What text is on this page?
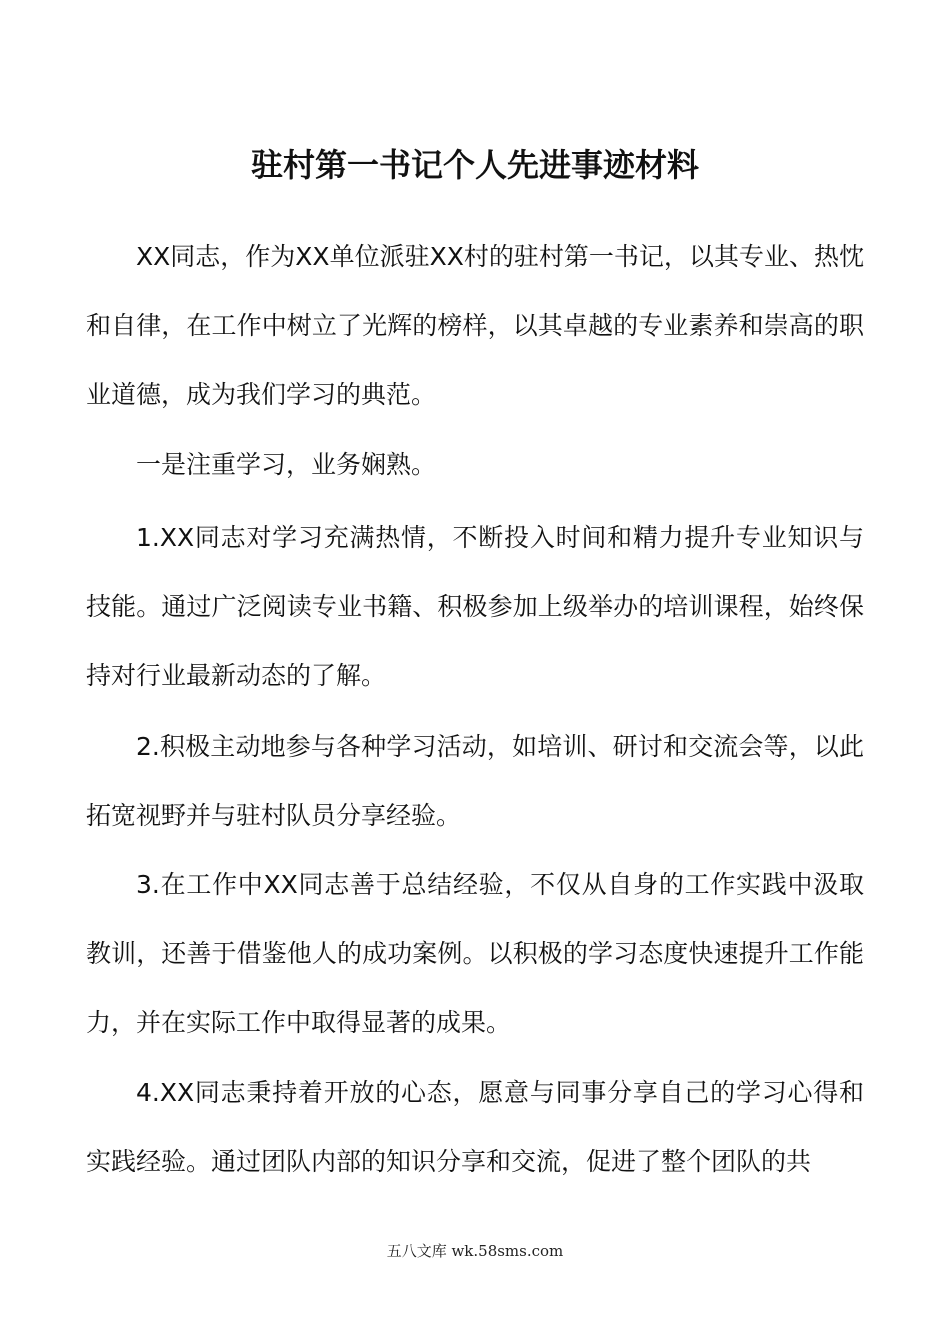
驻村第一书记个人先进事迹材料

XX同志，作为XX单位派驻XX村的驻村第一书记，以其专业、热忱和自律，在工作中树立了光辉的榜样，以其卓越的专业素养和崇高的职业道德，成为我们学习的典范。

一是注重学习，业务娴熟。

1.XX同志对学习充满热情，不断投入时间和精力提升专业知识与技能。通过广泛阅读专业书籍、积极参加上级举办的培训课程，始终保持对行业最新动态的了解。

2.积极主动地参与各种学习活动，如培训、研讨和交流会等，以此拓宽视野并与驻村队员分享经验。

3.在工作中XX同志善于总结经验，不仅从自身的工作实践中汲取教训，还善于借鉴他人的成功案例。以积极的学习态度快速提升工作能力，并在实际工作中取得显著的成果。

4.XX同志秉持着开放的心态，愿意与同事分享自己的学习心得和实践经验。通过团队内部的知识分享和交流，促进了整个团队的共

五八文库 wk.58sms.com
